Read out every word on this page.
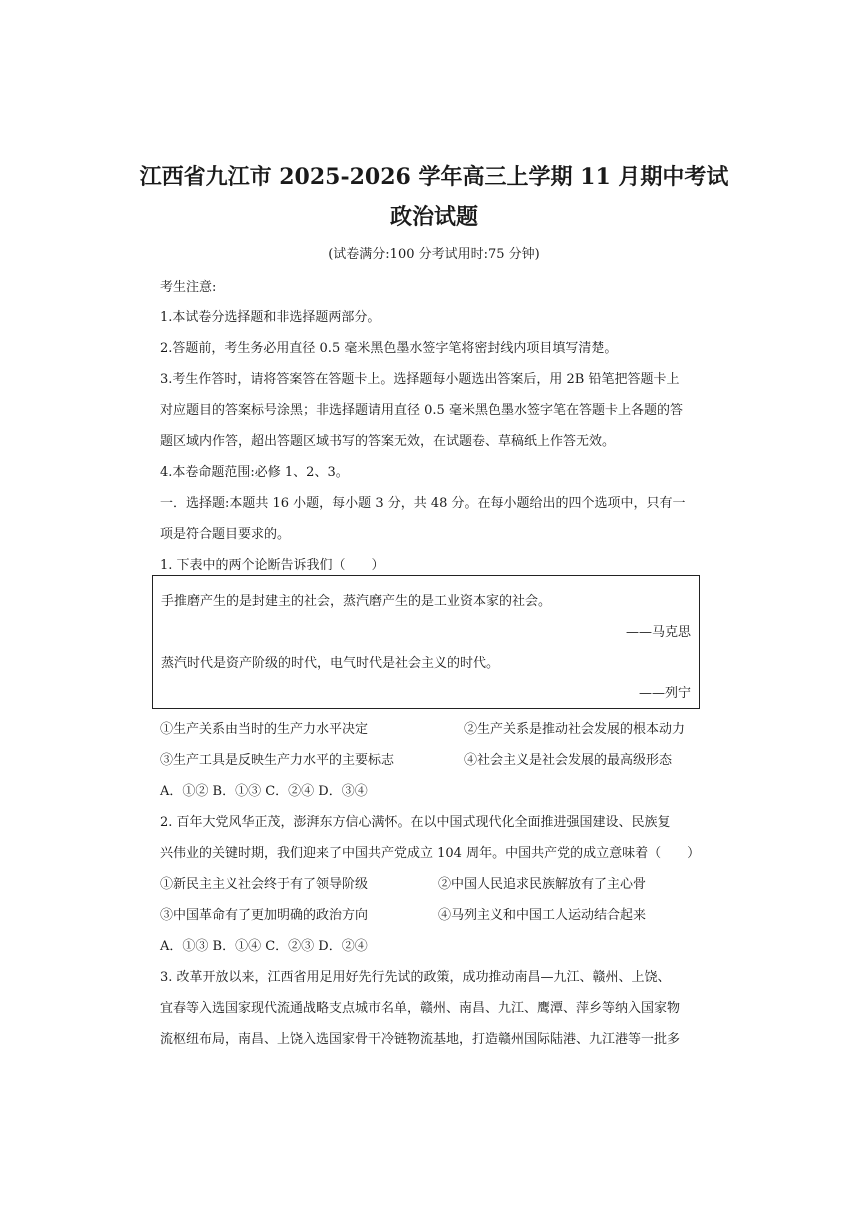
江西省九江市 2025-2026 学年高三上学期 11 月期中考试
政治试题
(试卷满分:100 分考试用时:75 分钟)
考生注意:
1.本试卷分选择题和非选择题两部分。
2.答题前，考生务必用直径 0.5 毫米黑色墨水签字笔将密封线内项目填写清楚。
3.考生作答时，请将答案答在答题卡上。选择题每小题选出答案后，用 2B 铅笔把答题卡上
对应题目的答案标号涂黑；非选择题请用直径 0.5 毫米黑色墨水签字笔在答题卡上各题的答
题区域内作答，超出答题区域书写的答案无效，在试题卷、草稿纸上作答无效。
4.本卷命题范围:必修 1、2、3。
一．选择题:本题共 16 小题，每小题 3 分，共 48 分。在每小题给出的四个选项中，只有一
项是符合题目要求的。
1. 下表中的两个论断告诉我们（　　）
手推磨产生的是封建主的社会，蒸汽磨产生的是工业资本家的社会。
——马克思
蒸汽时代是资产阶级的时代，电气时代是社会主义的时代。
——列宁
①生产关系由当时的生产力水平决定	②生产关系是推动社会发展的根本动力
③生产工具是反映生产力水平的主要标志	④社会主义是社会发展的最高级形态
A．①② B．①③ C．②④ D．③④
2. 百年大党风华正茂，澎湃东方信心满怀。在以中国式现代化全面推进强国建设、民族复
兴伟业的关键时期，我们迎来了中国共产党成立 104 周年。中国共产党的成立意味着（　　）
①新民主主义社会终于有了领导阶级	②中国人民追求民族解放有了主心骨
③中国革命有了更加明确的政治方向	④马列主义和中国工人运动结合起来
A．①③ B．①④ C．②③ D．②④
3. 改革开放以来，江西省用足用好先行先试的政策，成功推动南昌—九江、赣州、上饶、
宜春等入选国家现代流通战略支点城市名单，赣州、南昌、九江、鹰潭、萍乡等纳入国家物
流枢纽布局，南昌、上饶入选国家骨干冷链物流基地，打造赣州国际陆港、九江港等一批多
